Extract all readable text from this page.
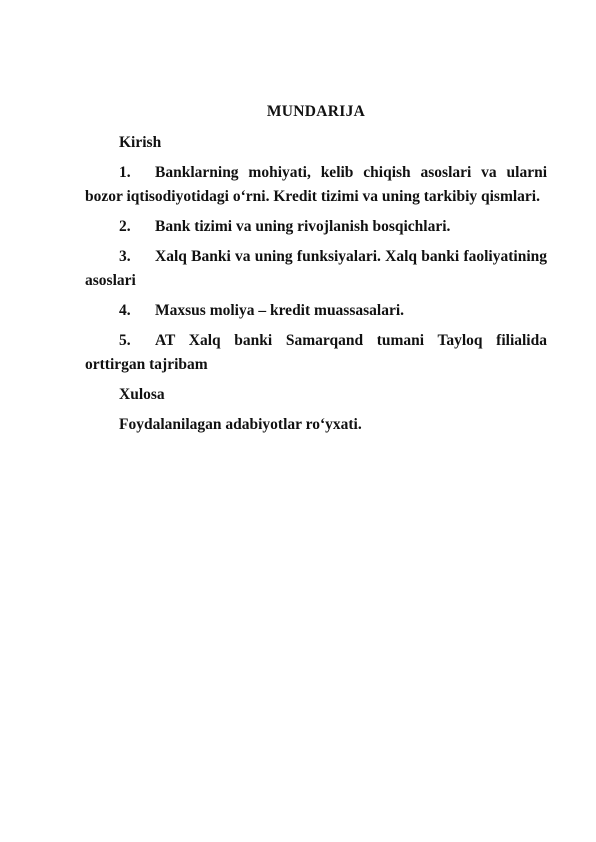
MUNDARIJA
Kirish
1. Banklarning mohiyati, kelib chiqish asoslari va ularni bozor iqtisodiyotidagi o‘rni. Kredit tizimi va uning tarkibiy qismlari.
2. Bank tizimi va uning rivojlanish bosqichlari.
3. Xalq Banki va uning funksiyalari. Xalq banki faoliyatining asoslari
4. Maxsus moliya – kredit muassasalari.
5. AT Xalq banki Samarqand tumani Tayloq filialida orttirgan tajribam
Xulosa
Foydalanilagan adabiyotlar ro‘yxati.
